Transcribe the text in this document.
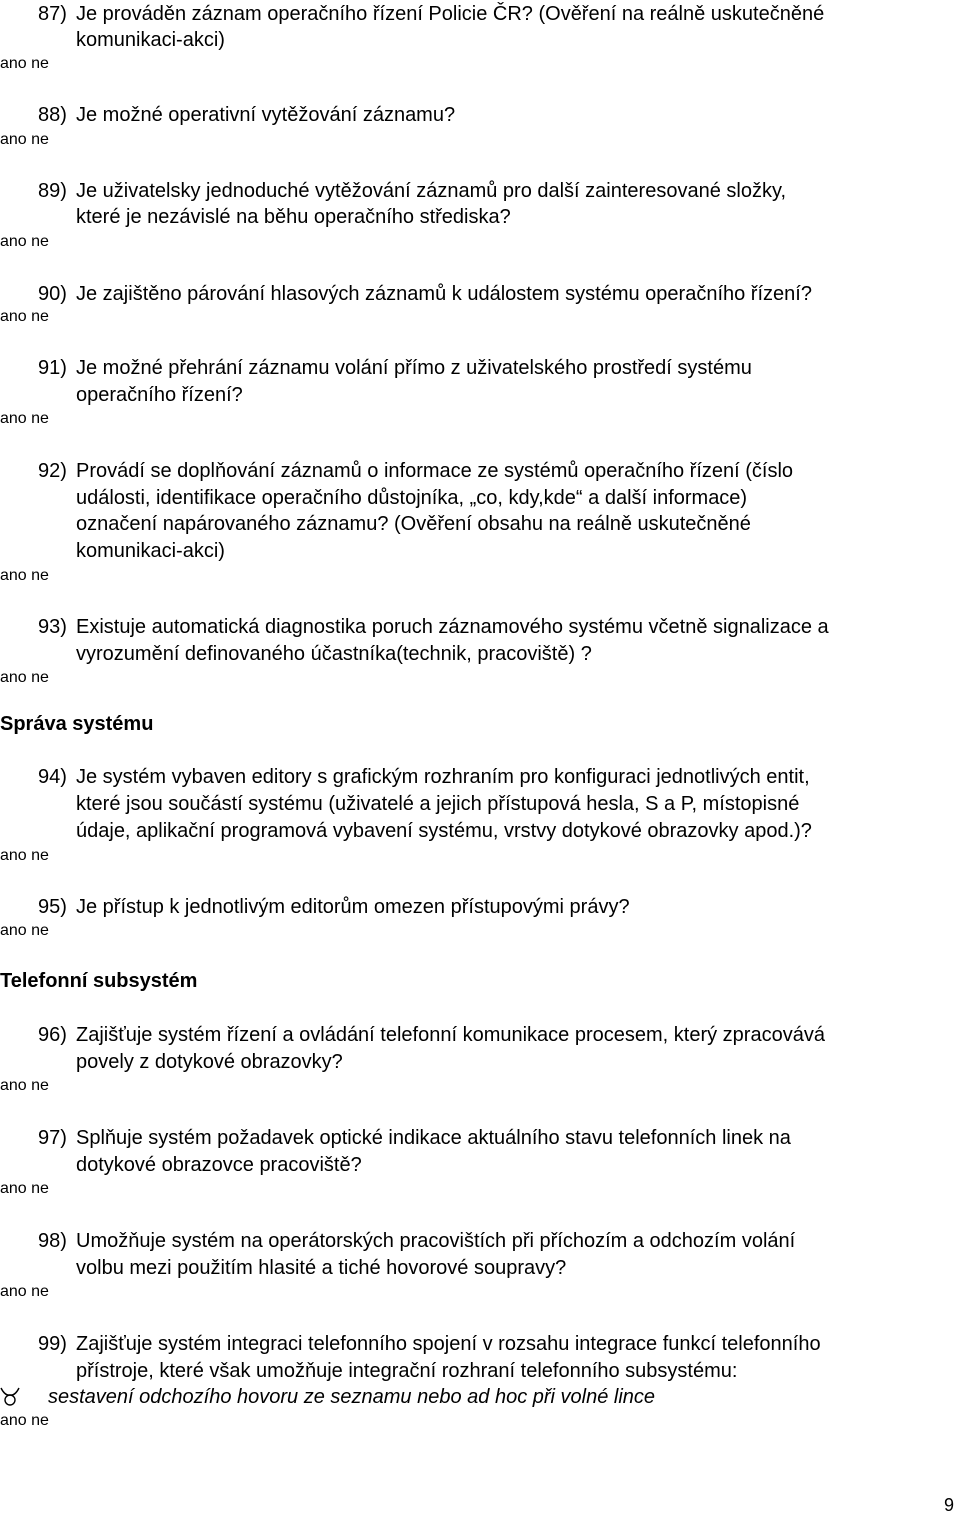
87) Je prováděn záznam operačního řízení Policie ČR? (Ověření na reálně uskutečněné
komunikaci-akci)
ano ne
88) Je možné operativní vytěžování záznamu?
ano ne
89) Je uživatelsky jednoduché vytěžování záznamů pro další zainteresované složky,
které je nezávislé na běhu operačního střediska?
ano ne
90) Je zajištěno párování hlasových záznamů k událostem systému operačního řízení?
ano ne
91) Je možné přehrání záznamu volání přímo z uživatelského prostředí systému
operačního řízení?
ano ne
92) Provádí se doplňování záznamů o informace ze systémů operačního řízení (číslo
události, identifikace operačního důstojníka, „co, kdy,kde“ a další informace)
označení napárovaného záznamu? (Ověření obsahu na reálně uskutečněné
komunikaci-akci)
ano ne
93) Existuje automatická diagnostika poruch záznamového systému včetně signalizace a
vyrozumění definovaného účastníka(technik, pracoviště) ?
ano ne
Správa systému
94) Je systém vybaven editory s grafickým rozhraním pro konfiguraci jednotlivých entit,
které jsou součástí systému (uživatelé a jejich přístupová hesla, S a P, místopisné
údaje, aplikační programová vybavení systému, vrstvy dotykové obrazovky apod.)?
ano ne
95) Je přístup k jednotlivým editorům omezen přístupovými právy?
ano ne
Telefonní subsystém
96) Zajišťuje systém řízení a ovládání telefonní komunikace procesem, který zpracovává
povely z dotykové obrazovky?
ano ne
97) Splňuje systém požadavek optické indikace aktuálního stavu telefonních linek na
dotykové obrazovce pracoviště?
ano ne
98) Umožňuje systém na operátorských pracovištích při příchozím a odchozím volání
volbu mezi použitím hlasité a tiché hovorové soupravy?
ano ne
99) Zajišťuje systém integraci telefonního spojení v rozsahu integrace funkcí telefonního
přístroje, které však umožňuje integrační rozhraní telefonního subsystému:
sestavení odchozího hovoru ze seznamu nebo ad hoc při volné lince
ano ne
9
